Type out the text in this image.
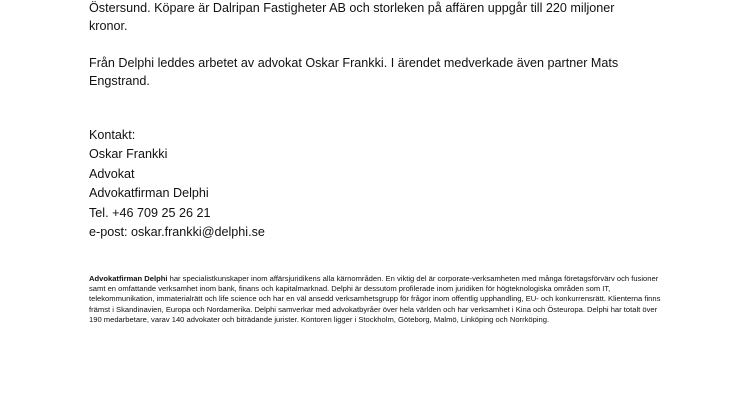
Östersund. Köpare är Dalripan Fastigheter AB och storleken på affären uppgår till 220 miljoner kronor.

Från Delphi leddes arbetet av advokat Oskar Frankki. I ärendet medverkade även partner Mats Engstrand.

Kontakt:
Oskar Frankki
Advokat
Advokatfirman Delphi
Tel. +46 709 25 26 21
e-post: oskar.frankki@delphi.se

Advokatfirman Delphi har specialistkunskaper inom affärsjuridikens alla kärnområden. En viktig del är corporate-verksamheten med många företagsförvärv och fusioner samt en omfattande verksamhet inom bank, finans och kapitalmarknad. Delphi är dessutom profilerade inom juridiken för högteknologiska områden som IT, telekommunikation, immaterialrätt och life science och har en väl ansedd verksamhetsgrupp för frågor inom offentlig upphandling, EU- och konkurrensrätt. Klienterna finns främst i Skandinavien, Europa och Nordamerika. Delphi samverkar med advokatbyråer över hela världen och har verksamhet i Kina och Östeuropa. Delphi har totalt över 190 medarbetare, varav 140 advokater och biträdande jurister. Kontoren ligger i Stockholm, Göteborg, Malmö, Linköping och Norrköping.
